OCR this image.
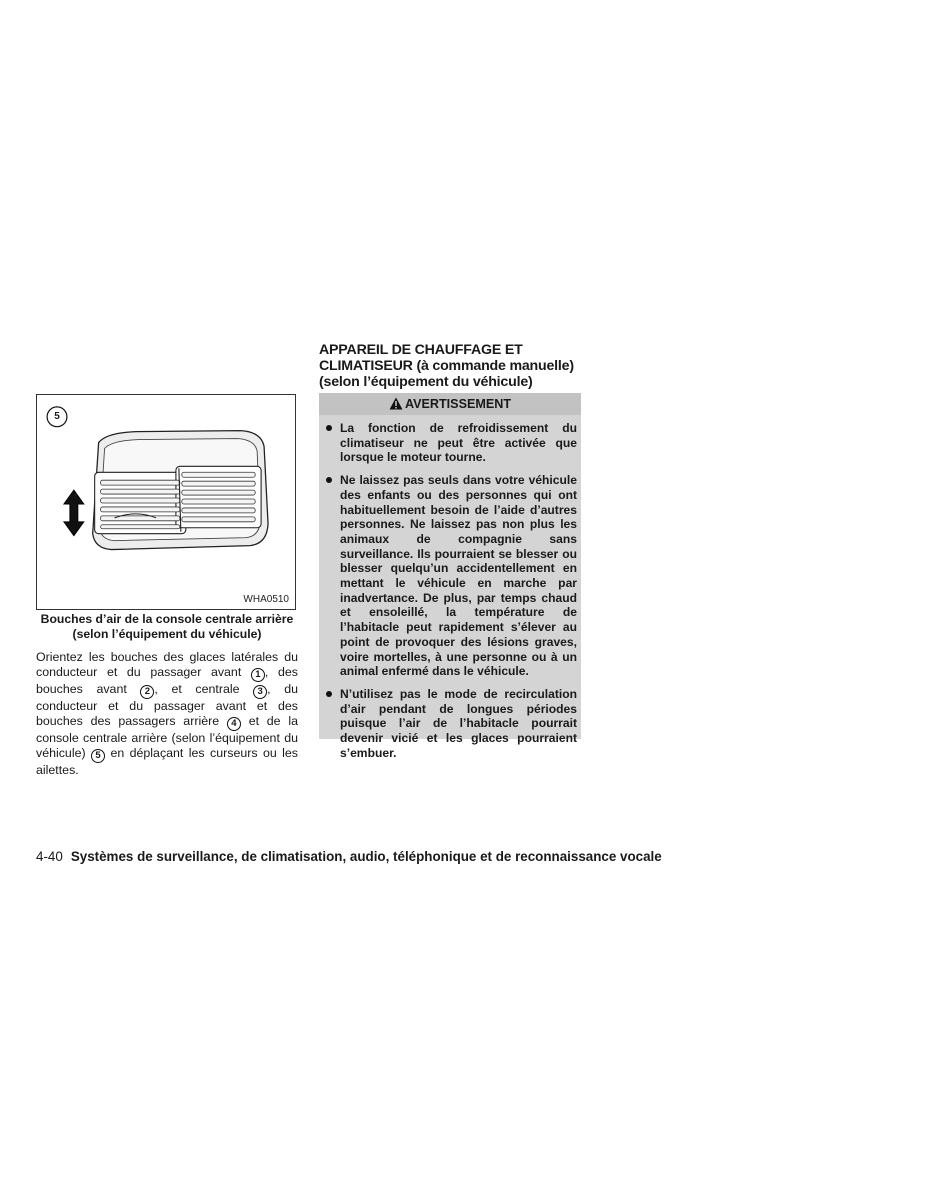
5
WHA0510
Bouches d’air de la console centrale arrière
(selon l’équipement du véhicule)
Orientez les bouches des glaces latérales du conducteur et du passager avant 1 , des bouches avant 2 , et centrale 3 , du conducteur et du passager avant et des bouches des passagers arrière 4 et de la console centrale arrière (selon l’équipement du véhicule) 5 en déplaçant les curseurs ou les ailettes.
APPAREIL DE CHAUFFAGE ET
CLIMATISEUR (à commande manuelle)
(selon l’équipement du véhicule)
AVERTISSEMENT
La fonction de refroidissement du climatiseur ne peut être activée que lorsque le moteur tourne.
Ne laissez pas seuls dans votre véhicule des enfants ou des personnes qui ont habituellement besoin de l’aide d’autres personnes. Ne laissez pas non plus les animaux de compagnie sans surveillance. Ils pourraient se blesser ou blesser quelqu’un accidentellement en mettant le véhicule en marche par inadvertance. De plus, par temps chaud et ensoleillé, la température de l’habitacle peut rapidement s’élever au point de provoquer des lésions graves, voire mortelles, à une personne ou à un animal enfermé dans le véhicule.
N’utilisez pas le mode de recirculation d’air pendant de longues périodes puisque l’air de l’habitacle pourrait devenir vicié et les glaces pourraient s’embuer.
4-40 Systèmes de surveillance, de climatisation, audio, téléphonique et de reconnaissance vocale
